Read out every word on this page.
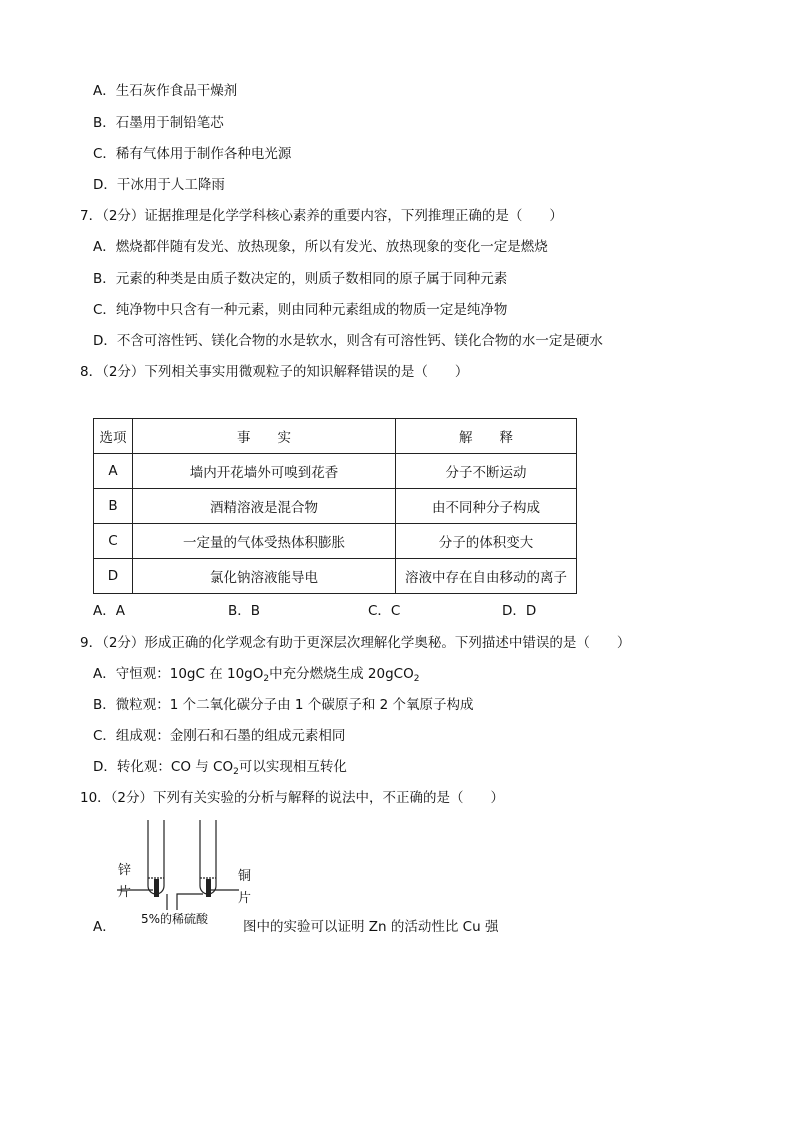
A．生石灰作食品干燥剂
B．石墨用于制铅笔芯
C．稀有气体用于制作各种电光源
D．干冰用于人工降雨
7．（2分）证据推理是化学学科核心素养的重要内容，下列推理正确的是（　　）
A．燃烧都伴随有发光、放热现象，所以有发光、放热现象的变化一定是燃烧
B．元素的种类是由质子数决定的，则质子数相同的原子属于同种元素
C．纯净物中只含有一种元素，则由同种元素组成的物质一定是纯净物
D．不含可溶性钙、镁化合物的水是软水，则含有可溶性钙、镁化合物的水一定是硬水
8．（2分）下列相关事实用微观粒子的知识解释错误的是（　　）
选项	事　　实	解　　释
A	墙内开花墙外可嗅到花香	分子不断运动
B	酒精溶液是混合物	由不同种分子构成
C	一定量的气体受热体积膨胀	分子的体积变大
D	氯化钠溶液能导电	溶液中存在自由移动的离子
A．A	B．B	C．C	D．D
9．（2分）形成正确的化学观念有助于更深层次理解化学奥秘。下列描述中错误的是（　　）
A．守恒观：10gC 在 $10gO_2$中充分燃烧生成 20gCO$_2$
B．微粒观：1 个二氧化碳分子由 1 个碳原子和 2 个氧原子构成
C．组成观：金刚石和石墨的组成元素相同
D．转化观：CO 与 $CO_2$可以实现相互转化
10．（2分）下列有关实验的分析与解释的说法中，不正确的是（　　）
A．
锌
片
铜
片
5%的稀硫酸	图中的实验可以证明 Zn 的活动性比 Cu 强
